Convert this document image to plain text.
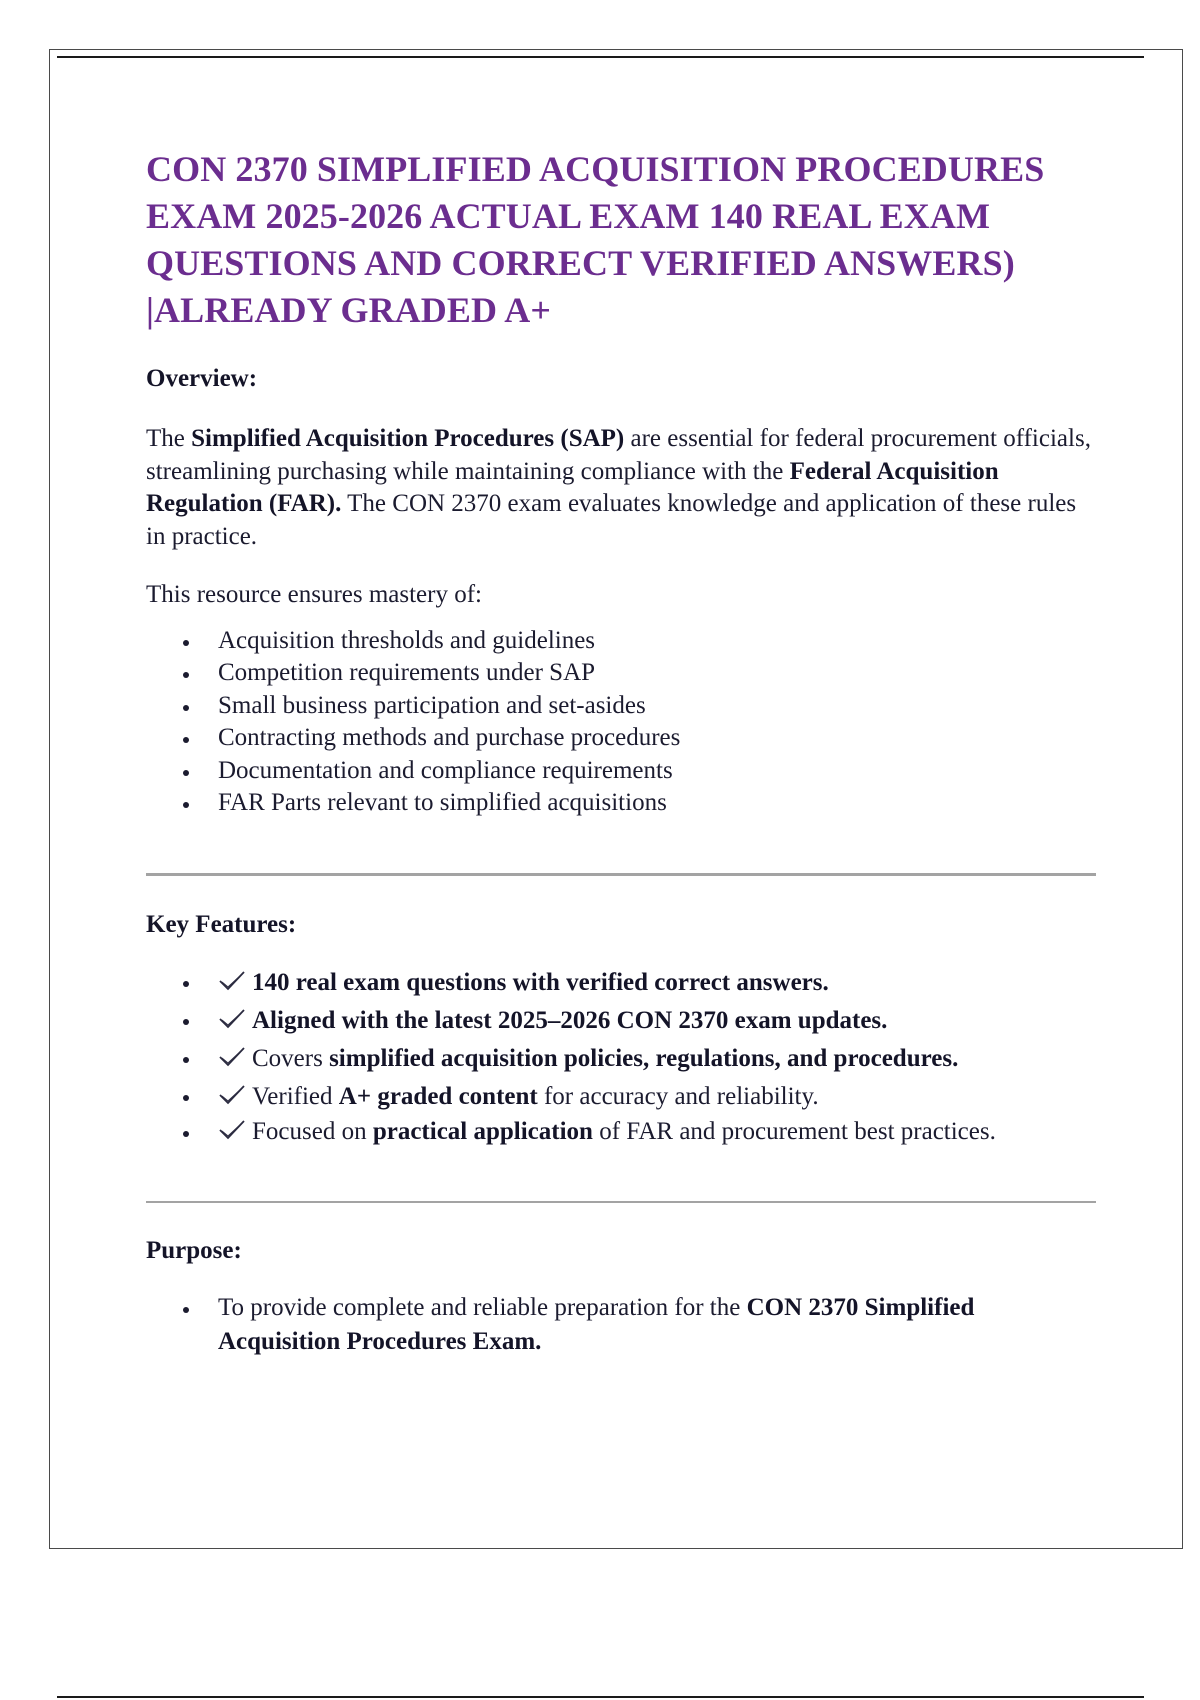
CON 2370 SIMPLIFIED ACQUISITION PROCEDURES EXAM 2025-2026 ACTUAL EXAM 140 REAL EXAM QUESTIONS AND CORRECT VERIFIED ANSWERS) |ALREADY GRADED A+
Overview:

The Simplified Acquisition Procedures (SAP) are essential for federal procurement officials, streamlining purchasing while maintaining compliance with the Federal Acquisition Regulation (FAR). The CON 2370 exam evaluates knowledge and application of these rules in practice.

This resource ensures mastery of:

Acquisition thresholds and guidelines
Competition requirements under SAP
Small business participation and set-asides
Contracting methods and purchase procedures
Documentation and compliance requirements
FAR Parts relevant to simplified acquisitions
Key Features:
140 real exam questions with verified correct answers.
Aligned with the latest 2025–2026 CON 2370 exam updates.
Covers simplified acquisition policies, regulations, and procedures.
Verified A+ graded content for accuracy and reliability.
Focused on practical application of FAR and procurement best practices.
Purpose:
To provide complete and reliable preparation for the CON 2370 Simplified Acquisition Procedures Exam.
